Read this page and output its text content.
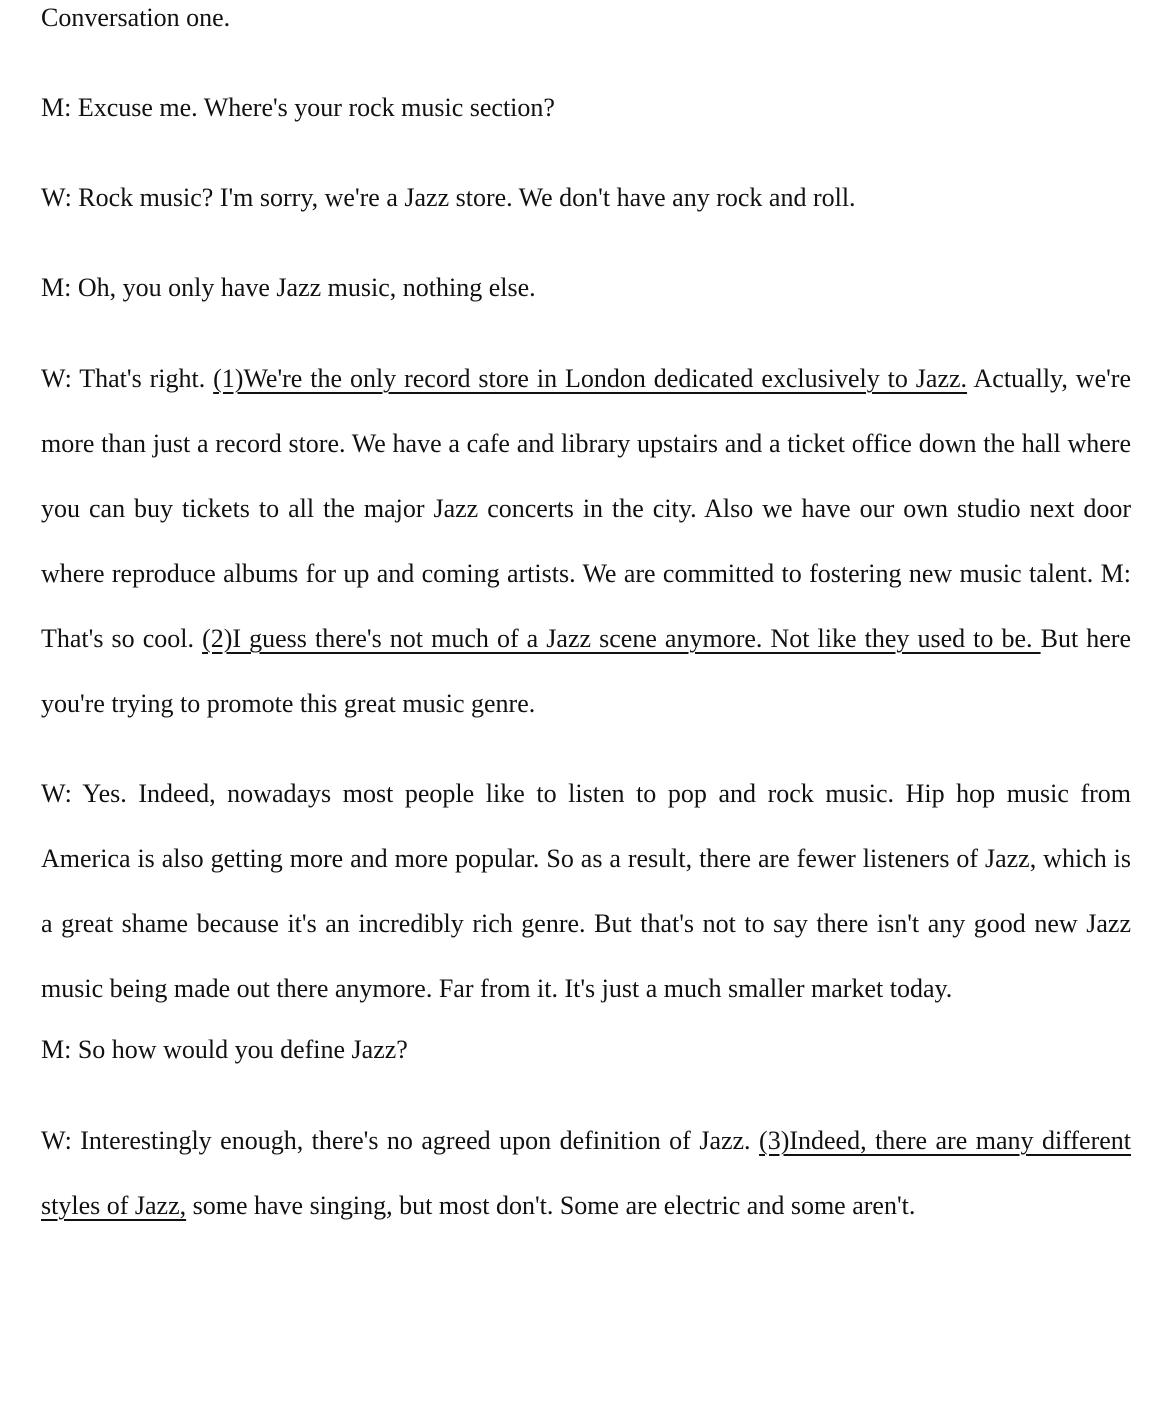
Conversation one.

M: Excuse me. Where's your rock music section?

W: Rock music? I'm sorry, we're a Jazz store. We don't have any rock and roll.

M: Oh, you only have Jazz music, nothing else.

W: That's right. (1)We're the only record store in London dedicated exclusively to Jazz. Actually, we're more than just a record store. We have a cafe and library upstairs and a ticket office down the hall where you can buy tickets to all the major Jazz concerts in the city. Also we have our own studio next door where reproduce albums for up and coming artists. We are committed to fostering new music talent. M: That's so cool. (2)I guess there's not much of a Jazz scene anymore. Not like they used to be. But here you're trying to promote this great music genre.

W: Yes. Indeed, nowadays most people like to listen to pop and rock music. Hip hop music from America is also getting more and more popular. So as a result, there are fewer listeners of Jazz, which is a great shame because it's an incredibly rich genre. But that's not to say there isn't any good new Jazz music being made out there anymore. Far from it. It's just a much smaller market today.

M: So how would you define Jazz?

W: Interestingly enough, there's no agreed upon definition of Jazz. (3)Indeed, there are many different styles of Jazz, some have singing, but most don't. Some are electric and some aren't.
